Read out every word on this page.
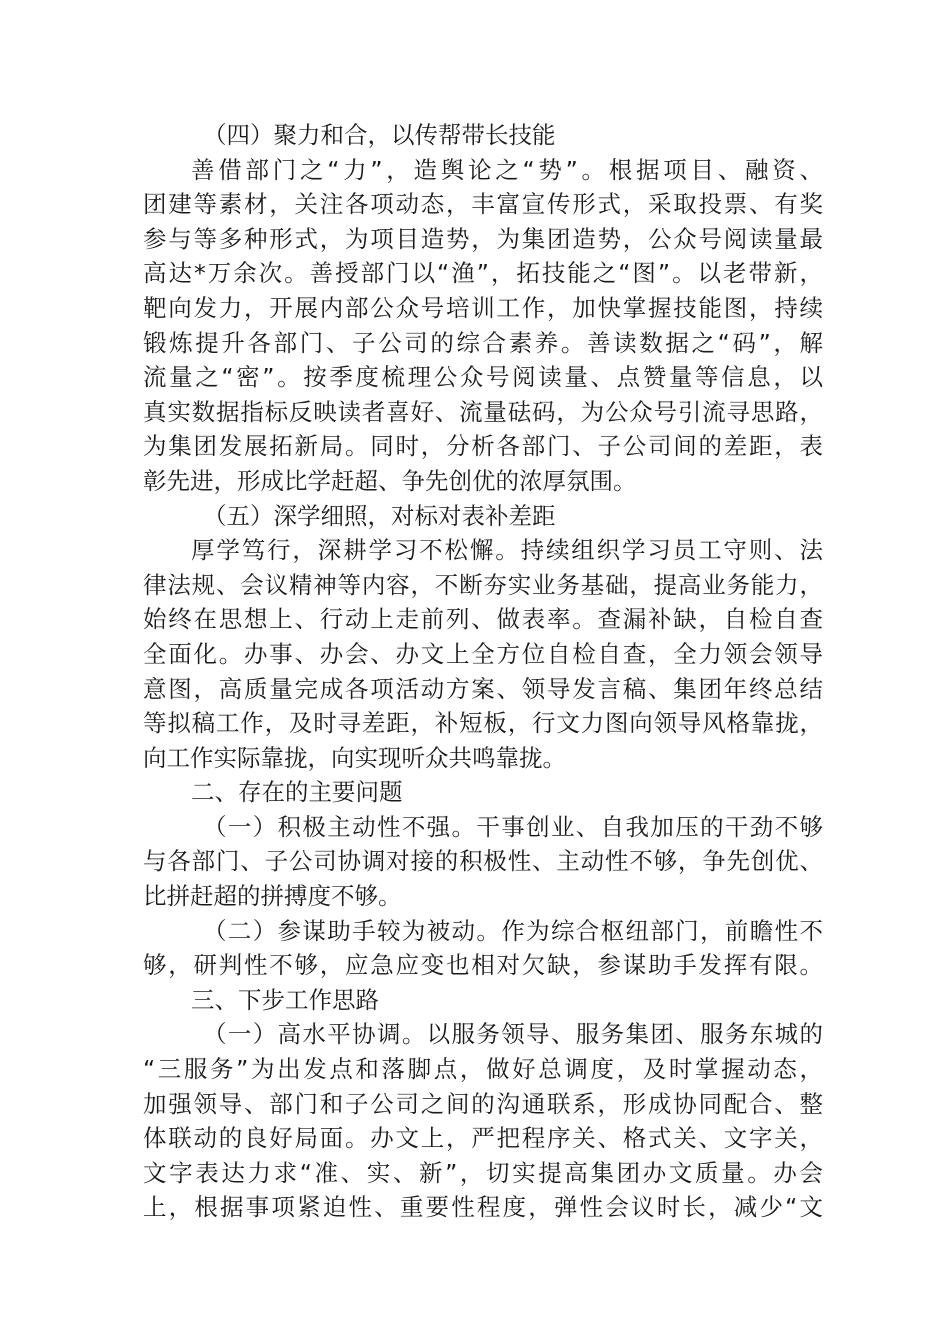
（四）聚力和合，以传帮带长技能
善借部门之“力”，造舆论之“势”。根据项目、融资、
团建等素材，关注各项动态，丰富宣传形式，采取投票、有奖
参与等多种形式，为项目造势，为集团造势，公众号阅读量最
高达*万余次。善授部门以“渔”，拓技能之“图”。以老带新，
靶向发力，开展内部公众号培训工作，加快掌握技能图，持续
锻炼提升各部门、子公司的综合素养。善读数据之“码”，解
流量之“密”。按季度梳理公众号阅读量、点赞量等信息，以
真实数据指标反映读者喜好、流量砝码，为公众号引流寻思路，
为集团发展拓新局。同时，分析各部门、子公司间的差距，表
彰先进，形成比学赶超、争先创优的浓厚氛围。
（五）深学细照，对标对表补差距
厚学笃行，深耕学习不松懈。持续组织学习员工守则、法
律法规、会议精神等内容，不断夯实业务基础，提高业务能力，
始终在思想上、行动上走前列、做表率。查漏补缺，自检自查
全面化。办事、办会、办文上全方位自检自查，全力领会领导
意图，高质量完成各项活动方案、领导发言稿、集团年终总结
等拟稿工作，及时寻差距，补短板，行文力图向领导风格靠拢，
向工作实际靠拢，向实现听众共鸣靠拢。
二、存在的主要问题
（一）积极主动性不强。干事创业、自我加压的干劲不够
与各部门、子公司协调对接的积极性、主动性不够，争先创优、
比拼赶超的拼搏度不够。
（二）参谋助手较为被动。作为综合枢纽部门，前瞻性不
够，研判性不够，应急应变也相对欠缺，参谋助手发挥有限。
三、下步工作思路
（一）高水平协调。以服务领导、服务集团、服务东城的
“三服务”为出发点和落脚点，做好总调度，及时掌握动态，
加强领导、部门和子公司之间的沟通联系，形成协同配合、整
体联动的良好局面。办文上，严把程序关、格式关、文字关，
文字表达力求“准、实、新”，切实提高集团办文质量。办会
上，根据事项紧迫性、重要性程度，弹性会议时长，减少“文
